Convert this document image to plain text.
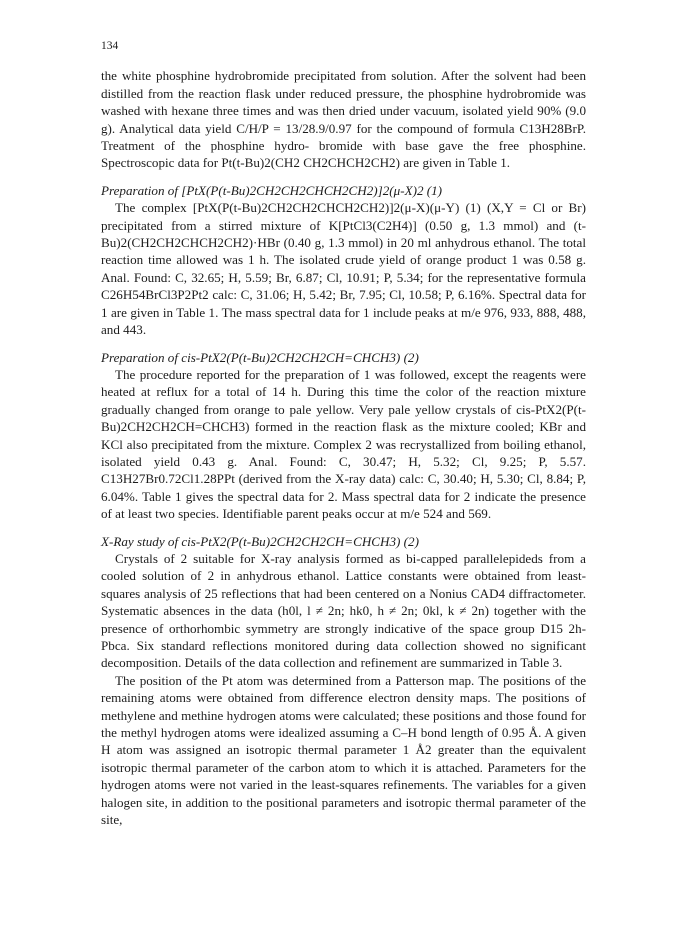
134

the white phosphine hydrobromide precipitated from solution. After the solvent had been distilled from the reaction flask under reduced pressure, the phosphine hydrobromide was washed with hexane three times and was then dried under vacuum, isolated yield 90% (9.0 g). Analytical data yield C/H/P = 13/28.9/0.97 for the compound of formula C13H28BrP. Treatment of the phosphine hydro- bromide with base gave the free phosphine. Spectroscopic data for Pt(t-Bu)2(CH2 CH2CHCH2CH2) are given in Table 1.

Preparation of [PtX(P(t-Bu)2CH2CH2CHCH2CH2)]2(μ-X)2 (1)

The complex [PtX(P(t-Bu)2CH2CH2CHCH2CH2)]2(μ-X)(μ-Y) (1) (X,Y = Cl or Br) precipitated from a stirred mixture of K[PtCl3(C2H4)] (0.50 g, 1.3 mmol) and (t-Bu)2(CH2CH2CHCH2CH2)·HBr (0.40 g, 1.3 mmol) in 20 ml anhydrous ethanol. The total reaction time allowed was 1 h. The isolated crude yield of orange product 1 was 0.58 g. Anal. Found: C, 32.65; H, 5.59; Br, 6.87; Cl, 10.91; P, 5.34; for the representative formula C26H54BrCl3P2Pt2 calc: C, 31.06; H, 5.42; Br, 7.95; Cl, 10.58; P, 6.16%. Spectral data for 1 are given in Table 1. The mass spectral data for 1 include peaks at m/e 976, 933, 888, 488, and 443.

Preparation of cis-PtX2(P(t-Bu)2CH2CH2CH=CHCH3) (2)

The procedure reported for the preparation of 1 was followed, except the reagents were heated at reflux for a total of 14 h. During this time the color of the reaction mixture gradually changed from orange to pale yellow. Very pale yellow crystals of cis-PtX2(P(t-Bu)2CH2CH2CH=CHCH3) formed in the reaction flask as the mixture cooled; KBr and KCl also precipitated from the mixture. Complex 2 was recrystallized from boiling ethanol, isolated yield 0.43 g. Anal. Found: C, 30.47; H, 5.32; Cl, 9.25; P, 5.57. C13H27Br0.72Cl1.28PPt (derived from the X-ray data) calc: C, 30.40; H, 5.30; Cl, 8.84; P, 6.04%. Table 1 gives the spectral data for 2. Mass spectral data for 2 indicate the presence of at least two species. Identifiable parent peaks occur at m/e 524 and 569.

X-Ray study of cis-PtX2(P(t-Bu)2CH2CH2CH=CHCH3) (2)

Crystals of 2 suitable for X-ray analysis formed as bi-capped parallelepideds from a cooled solution of 2 in anhydrous ethanol. Lattice constants were obtained from least-squares analysis of 25 reflections that had been centered on a Nonius CAD4 diffractometer. Systematic absences in the data (h0l, l ≠ 2n; hk0, h ≠ 2n; 0kl, k ≠ 2n) together with the presence of orthorhombic symmetry are strongly indicative of the space group D15 2h-Pbca. Six standard reflections monitored during data collection showed no significant decomposition. Details of the data collection and refinement are summarized in Table 3.

The position of the Pt atom was determined from a Patterson map. The positions of the remaining atoms were obtained from difference electron density maps. The positions of methylene and methine hydrogen atoms were calculated; these positions and those found for the methyl hydrogen atoms were idealized assuming a C–H bond length of 0.95 Å. A given H atom was assigned an isotropic thermal parameter 1 Å2 greater than the equivalent isotropic thermal parameter of the carbon atom to which it is attached. Parameters for the hydrogen atoms were not varied in the least-squares refinements. The variables for a given halogen site, in addition to the positional parameters and isotropic thermal parameter of the site,
